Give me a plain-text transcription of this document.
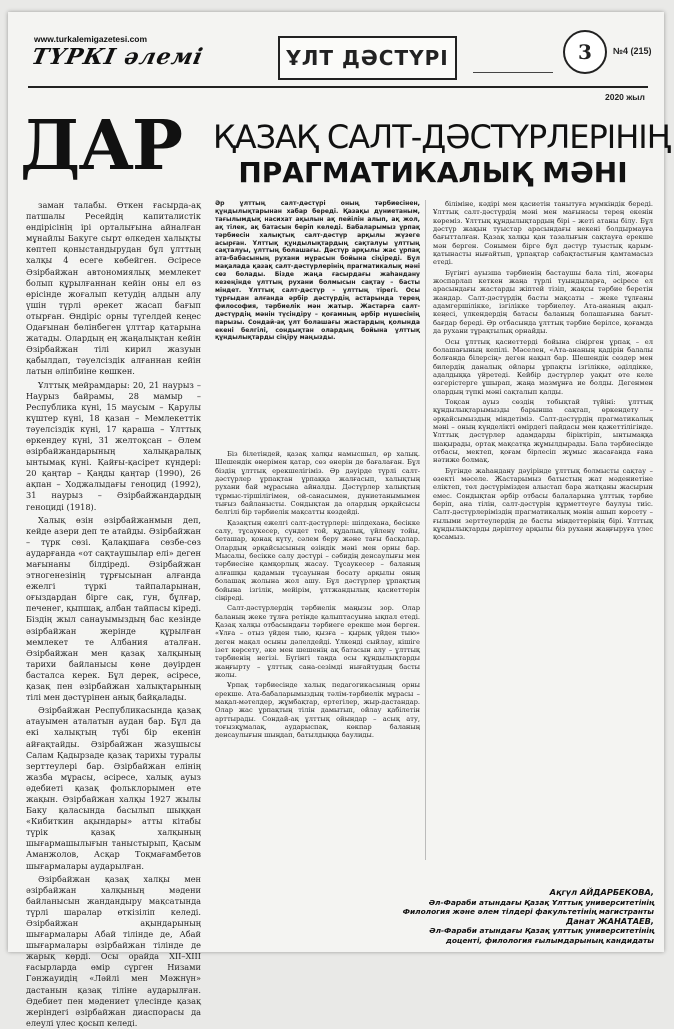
www.turkalemigazetesi.com
ТҮРКІ әлемі	ҰЛТ ДӘСТҮРІ	3	№4 (215)
2020 жыл
ДАР	ҚАЗАҚ САЛТ-ДӘСТҮРЛЕРІНІҢ
ПРАГМАТИКАЛЫҚ МӘНІ

заман талабы. Өткен ғасырда-ақ патшалы Ресейдің капиталистік өндірісінің ірі орталығына айналған мұнайлы Бакуге сырт өлкеден халықты көптеп қоныстандырудан бұл ұлттың халқы 4 есеге көбейген. Әсіресе Әзірбайжан автономиялық мемлекет болып құрылғаннан кейін оны ел өз өрісінде жоғалып кетудің алдын алу үшін түрлі әрекет жасап бағып отырған. Өндіріс орны түгелдей кеңес Одағынан бөлінбеген ұлттар қатарына жатады. Олардың ең жаңалықтан кейін Әзірбайжан тілі кирил жазуын қабылдап, тәуелсіздік алғаннан кейін латын әліпбиіне көшкен.

Ұлттық мейрамдары: 20, 21 наурыз – Наурыз байрамы, 28 мамыр – Республика күні, 15 маусым – Қарулы күштер күні, 18 қазан – Мемлекеттік тәуелсіздік күні, 17 қараша – Ұлттық өркендеу күні, 31 желтоқсан – Әлем әзірбайжандарының халықаралық ынтымақ күні. Қайғы-қасірет күндері: 20 қаңтар – Қаңды қаңтар (1990), 26 ақпан – Ходжалыдағы геноцид (1992), 31 наурыз – Әзірбайжандардың геноциді (1918).

Халық өзін әзірбайжанмын деп, кейде азери деп те атайды. Әзірбайжан – түрк сөзі. Қалақшаға сөзбе-сөз аударғанда «от сақтаушылар елі» деген мағынаны білдіреді. Әзірбайжан этногенезінің тұрғысынан алғанда ежелгі түркі тайпаларынан, оғыздардан бірге сақ, гун, бұлғар, печенег, қыпшақ, албан тайпасы кіреді. Біздің жыл санауымыздың бас кезінде әзірбайжан жерінде құрылған мемлекет те Албания аталған. Әзірбайжан мен қазақ халқының тарихи байланысы көне дәуірден басталса керек. Бұл дерек, әсіресе, қазақ пен әзірбайжан халықтарының тілі мен дәстүрінен анық байқалады.

Әзірбайжан Республикасында қазақ атауымен аталатын аудан бар. Бұл да екі халықтың түбі бір екенін айғақтайды. Әзірбайжан жазушысы Салам Қадырзаде қазақ тарихы туралы зерттеулері бар. Әзірбайжан елінің жазба мұрасы, әсіресе, халық ауыз әдебиеті қазақ фольклорымен өте жақын. Әзірбайжан халқы 1927 жылы Баку қаласында басылып шыққан «Кибиткин ақындары» атты кітабы түрік қазақ халқының шығармашылығын таныстырып, Қасым Аманжолов, Асқар Тоқмағамбетов шығармалары аударылған.

Әзірбайжан қазақ халқы мен әзірбайжан халқының мәдени байланысын жандандыру мақсатында түрлі шаралар өткізіліп келеді. Әзірбайжан ақындарының шығармалары Абай тілінде де, Абай шығармалары әзірбайжан тілінде де жарық көрді. Осы орайда XII–XIII ғасырларда өмір сүрген Низами Гәнжауидің «Ләйлі мен Мәжнүн» дастанын қазақ тіліне аударылған. Әдебиет пен мәдениет үлесінде қазақ жеріндегі әзірбайжан диаспорасы да елеулі үлес қосып келеді.

Әр ұлттың салт-дәстүрі оның тәрбиесінен, құндылықтарынан хабар береді. Қазақы дүниетаным, тағылымдық насихат ақылын ақ пейілін алып, ақ жол, ақ тілек, ақ батасын беріп келеді. Бабаларымыз ұрпақ тәрбиесін халықтық салт-дәстүр арқылы жүзеге асырған. Ұлттық құндылықтардың сақталуы ұлттың сақталуы, ұлттың болашағы. Дәстүр арқылы жас ұрпақ ата-бабасының рухани мұрасын бойына сіңіреді. Бұл мақалада қазақ салт-дәстүрлерінің прагматикалық мәні сөз болады. Бізде жаңа ғасырдағы жаһандану кезеңінде ұлттың рухани болмысын сақтау – басты міндет. Ұлттық салт-дәстүр – ұлттың тірегі. Осы тұрғыдан алғанда әрбір дәстүрдің астарында терең философия, тәрбиелік мән жатыр. Жастарға салт-дәстүрдің мәнін түсіндіру – қоғамның әрбір мүшесінің парызы. Сондай-ақ ұлт болашағы жастардың қолында екені белгілі, сондықтан олардың бойына ұлттық құндылықтарды сіңіру маңызды.

Біз білетіндей, қазақ халқы намысшыл, өр халық. Шешендік өнерімен қатар, сөз өнерін де бағалаған. Бұл біздің ұлттық ерекшелігіміз. Әр дәуірде түрлі салт-дәстүрлер ұрпақтан ұрпаққа жалғасып, халықтың рухани бай мұрасына айналды. Дәстүрлер халықтың тұрмыс-тіршілігімен, ой-санасымен, дүниетанымымен тығыз байланысты. Сондықтан да олардың әрқайсысы белгілі бір тәрбиелік мақсатты көздейді.

Қазақтың ежелгі салт-дәстүрлері: шілдехана, бесікке салу, тұсаукесер, сүндет той, құдалық, үйлену тойы, беташар, қонақ күту, сәлем беру және тағы басқалар. Олардың әрқайсысының өзіндік мәні мен орны бар. Мысалы, бесікке салу дәстүрі – сәбидің денсаулығы мен тәрбиесіне қамқорлық жасау. Тұсаукесер – баланың алғашқы қадамын тұсауынан босату арқылы оның болашақ жолына жол ашу. Бұл дәстүрлер ұрпақтың бойына ізгілік, мейірім, ұлтжандылық қасиеттерін сіңіреді.

Салт-дәстүрлердің тәрбиелік маңызы зор. Олар баланың жеке тұлға ретінде қалыптасуына ықпал етеді. Қазақ халқы отбасындағы тәрбиеге ерекше мән берген. «Ұлға – отыз үйден тыю, қызға – қырық үйден тыю» деген мақал осыны дәлелдейді. Үлкенді сыйлау, кішіге ізет көрсету, әке мен шешенің ақ батасын алу – ұлттық тәрбиенің негізі. Бүгінгі таңда осы құндылықтарды жаңғырту – ұлттық сана-сезімді нығайтудың басты жолы.

Ұрпақ тәрбиесінде халық педагогикасының орны ерекше. Ата-бабаларымыздың тәлім-тәрбиелік мұрасы – мақал-мәтелдер, жұмбақтар, ертегілер, жыр-дастандар. Олар жас ұрпақтың тілін дамытып, ойлау қабілетін арттырады. Сондай-ақ ұлттық ойындар – асық ату, тоғызқұмалақ, аударыспақ, көкпар баланың денсаулығын шыңдап, батылдыққа баулиды.

біліміне, кәдірі мен қасиетін танытуға мүмкіндік береді. Ұлттық салт-дәстүрдің мәні мен мағынасы терең екенін көреміз. Ұлттық құндылықтардың бірі – жеті атаны білу. Бұл дәстүр жақын туыстар арасындағы некені болдырмауға бағытталған. Қазақ халқы қан тазалығын сақтауға ерекше мән берген. Сонымен бірге бұл дәстүр туыстық қарым-қатынасты нығайтып, ұрпақтар сабақтастығын қамтамасыз етеді.

Бүгінгі ауызша тәрбиенің бастаушы бала тілі, жоғары жоспарлап кеткен жаңа түрлі туындыларға, әсіресе ел арасындағы жастарды жіптей тізіп, жақсы тәрбие беретін жандар. Салт-дәстүрдің басты мақсаты – жеке тұлғаны адамгершілікке, ізгілікке тәрбиелеу. Ата-ананың ақыл-кеңесі, үлкендердің батасы баланың болашағына бағыт-бағдар береді. Әр отбасында ұлттық тәрбие берілсе, қоғамда да рухани тұрақтылық орнайды.

Осы ұлттық қасиеттерді бойына сіңірген ұрпақ – ел болашағының кепілі. Мәселен, «Ата-ананың қадірін балалы болғанда білерсің» деген нақыл бар. Шешендік сөздер мен билердің даналық ойлары ұрпақты ізгілікке, әділдікке, адалдыққа үйретеді. Кейбір дәстүрлер уақыт өте келе өзгерістерге ұшырап, жаңа мазмұнға ие болды. Дегенмен олардың түпкі мәні сақталып қалды.

Тоқсан ауыз сөздің тобықтай түйіні: ұлттық құндылықтарымызды барынша сақтап, өркендету – әрқайсымыздың міндетіміз. Салт-дәстүрдің прагматикалық мәні – оның күнделікті өмірдегі пайдасы мен қажеттілігінде. Ұлттық дәстүрлер адамдарды біріктіріп, ынтымаққа шақырады, ортақ мақсатқа жұмылдырады. Бала тәрбиесінде отбасы, мектеп, қоғам бірлесіп жұмыс жасағанда ғана нәтиже болмақ.

Бүгінде жаһандану дәуірінде ұлттық болмысты сақтау – өзекті мәселе. Жастарымыз батыстың жат мәдениетіне еліктеп, төл дәстүрімізден алыстап бара жатқаны жасырын емес. Сондықтан әрбір отбасы балаларына ұлттық тәрбие беріп, ана тілін, салт-дәстүрін құрметтеуге баулуы тиіс. Салт-дәстүрлеріміздің прагматикалық мәнін ашып көрсету – ғылыми зерттеулердің де басты міндеттерінің бірі. Ұлттық құндылықтарды дәріптеу арқылы біз рухани жаңғыруға үлес қосамыз.

Ақгүл АЙДАРБЕКОВА,
Әл-Фараби атындағы Қазақ Ұлттық университетінің
Филология және әлем тілдері факультетінің магистранты
Данат ЖАНАТАЕВ,
Әл-Фараби атындағы Қазақ ұлттық университетінің
доценті, филология ғылымдарының кандидаты
